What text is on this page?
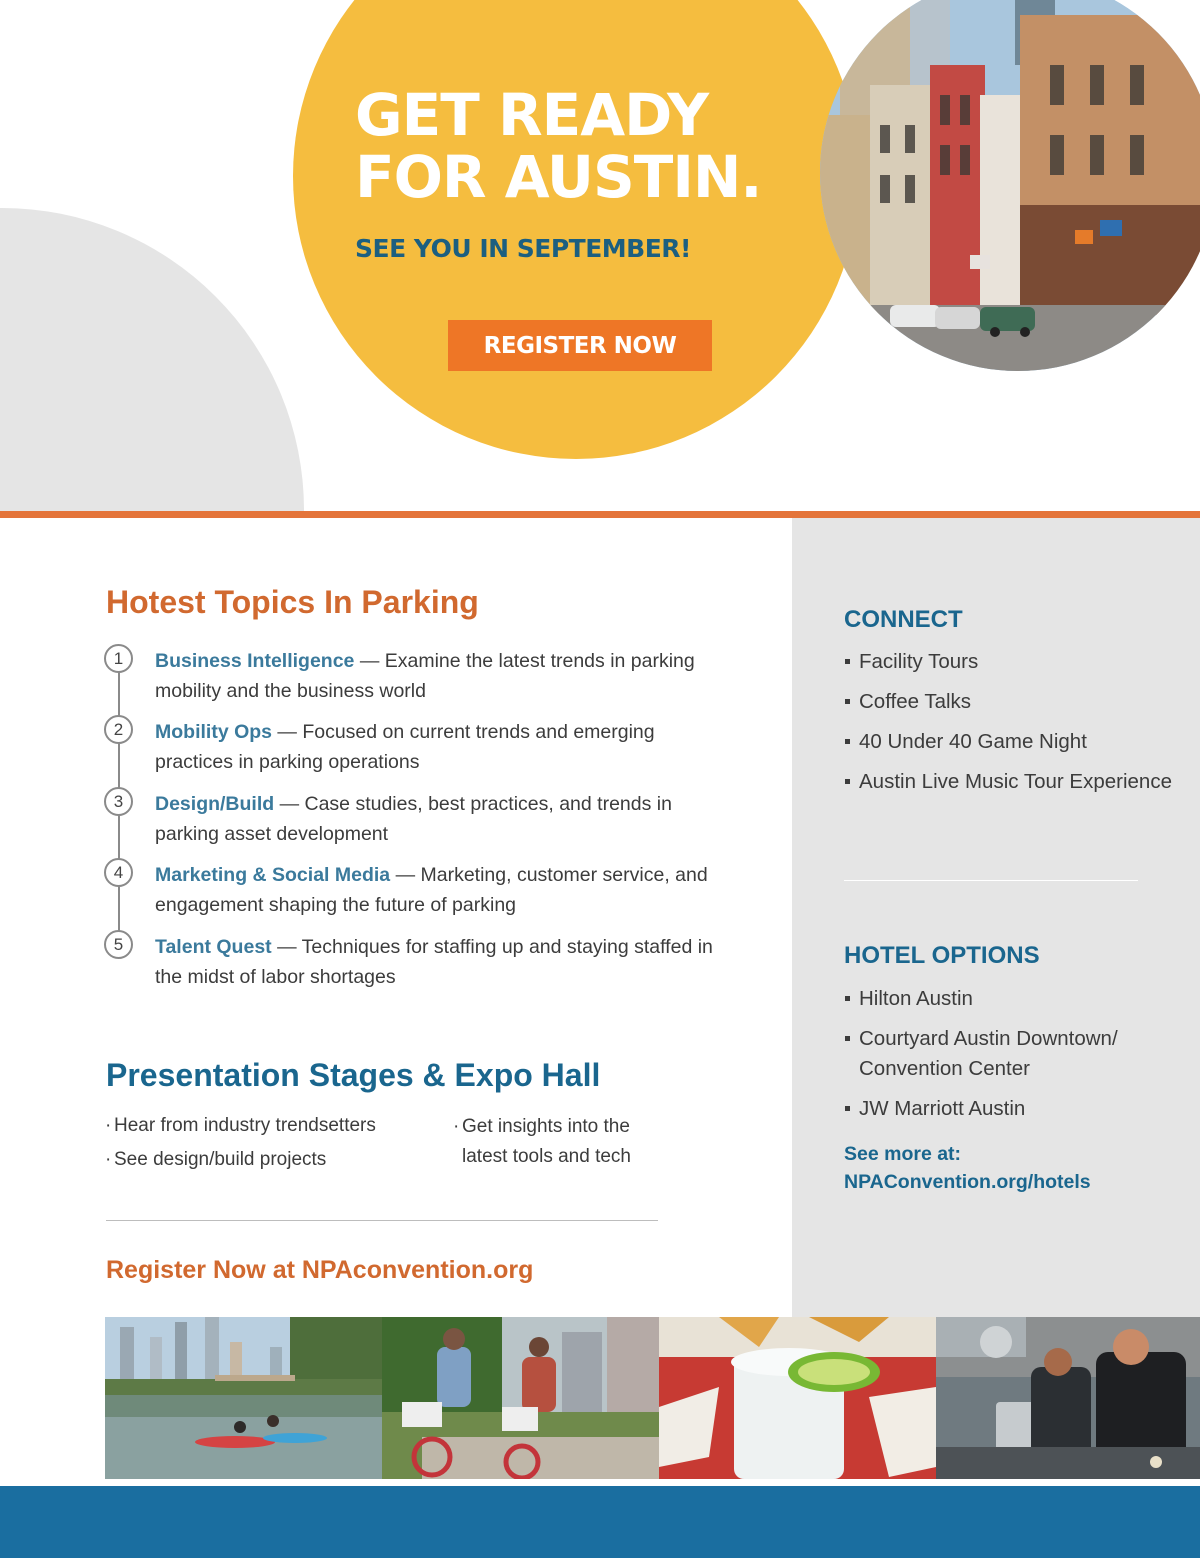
GET READY
FOR AUSTIN.
SEE YOU IN SEPTEMBER!
REGISTER NOW
CONNECT
Facility Tours
Coffee Talks
40 Under 40 Game Night
Austin Live Music Tour Experience
HOTEL OPTIONS
Hilton Austin
Courtyard Austin Downtown/ Convention Center
JW Marriott Austin
See more at:
NPAConvention.org/hotels
Hotest Topics In Parking
1	Business Intelligence — Examine the latest trends in parking mobility and the business world

2	Mobility Ops — Focused on current trends and emerging practices in parking operations

3	Design/Build — Case studies, best practices, and trends in parking asset development

4	Marketing & Social Media — Marketing, customer service, and engagement shaping the future of parking

5	Talent Quest — Techniques for staffing up and staying staffed in the midst of labor shortages

Presentation Stages & Expo Hall
· Hear from industry trendsetters
· See design/build projects
· Get insights into the
latest tools and tech
Register Now at NPAconvention.org
